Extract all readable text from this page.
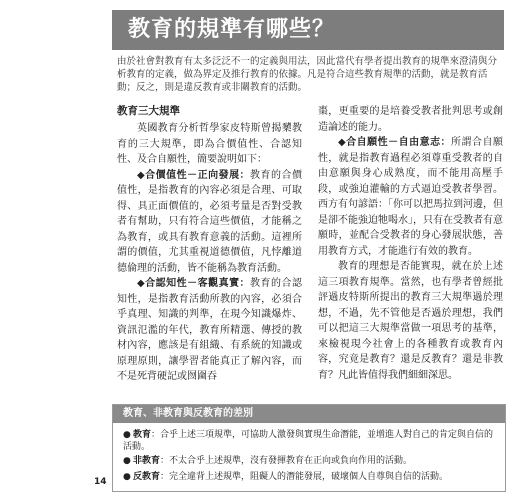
教育的規準有哪些？

由於社會對教育有太多泛泛不一的定義與用法，因此當代有學者提出教育的規準來澄清與分析教育的定義，做為界定及推行教育的依據。凡是符合這些教育規準的活動，就是教育活動；反之，則是違反教育或非關教育的活動。

教育三大規準

英國教育分析哲學家皮特斯曾揭櫫教育的三大規準，即為合價值性、合認知性、及合自願性，簡要說明如下：

◆合價值性－正向發展：教育的合價值性，是指教育的內容必須是合理、可取得、具正面價值的，必須考量是否對受教者有幫助，只有符合這些價值，才能稱之為教育，或具有教育意義的活動。這裡所謂的價值，尤其重視道德價值，凡悖離道德倫理的活動，皆不能稱為教育活動。

◆合認知性－客觀真實：教育的合認知性，是指教育活動所教的內容，必須合乎真理、知識的判準，在現今知識爆炸、資訊氾濫的年代，教育所精選、傳授的教材內容，應該是有組織、有系統的知識或原理原則，讓學習者能真正了解內容，而不是死背硬記或囫圇吞

棗，更重要的是培養受教者批判思考或創造論述的能力。

◆合自願性－自由意志：所謂合自願性，就是指教育過程必須尊重受教者的自由意願與身心成熟度，而不能用高壓手段，或強迫灌輸的方式逼迫受教者學習。西方有句諺語：「你可以把馬拉到河邊，但是卻不能強迫牠喝水」，只有在受教者有意願時，並配合受教者的身心發展狀態，善用教育方式，才能進行有效的教育。

教育的理想是否能實現，就在於上述這三項教育規準。當然，也有學者曾經批評過皮特斯所提出的教育三大規準過於理想，不過，先不管他是否過於理想，我們可以把這三大規準當做一項思考的基準，來檢視現今社會上的各種教育或教育內容，究竟是教育？還是反教育？還是非教育？凡此皆值得我們細細深思。

教育、非教育與反教育的差別
● 教育：合乎上述三項規準，可協助人激發與實現生命潛能，並增進人對自己的肯定與自信的活動。
● 非教育：不太合乎上述規準，沒有發揮教育在正向或負向作用的活動。
● 反教育：完全違背上述規準，阻礙人的潛能發展，破壞個人自尊與自信的活動。
14
